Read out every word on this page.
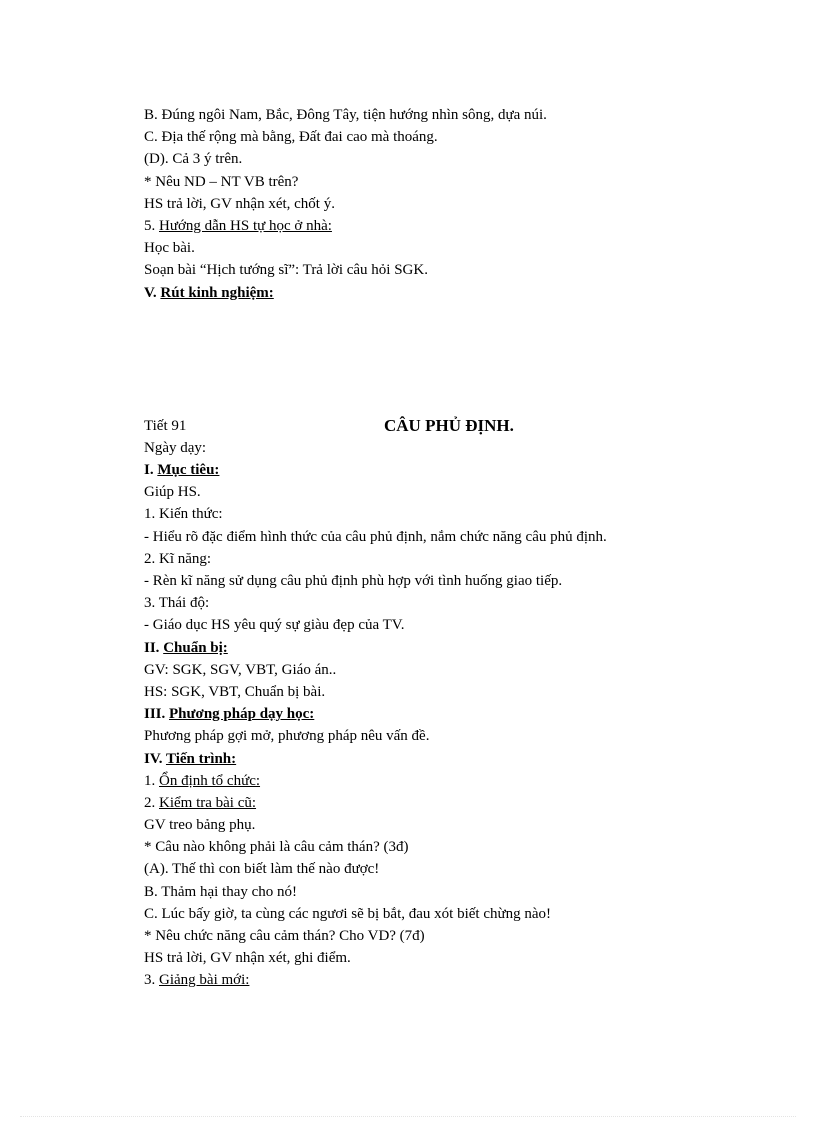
B. Đúng ngôi Nam, Bắc, Đông Tây, tiện hướng nhìn sông, dựa núi.
C. Địa thế rộng mà bằng, Đất đai cao mà thoáng.
(D). Cả 3 ý trên.
* Nêu ND – NT VB trên?
HS trả lời, GV nhận xét, chốt ý.
5. Hướng dẫn HS tự học ở nhà:
Học bài.
Soạn bài “Hịch tướng sĩ”: Trả lời câu hỏi SGK.
V. Rút kinh nghiệm:
Tiết 91	CÂU PHỦ ĐỊNH.
Ngày dạy:
I. Mục tiêu:
Giúp HS.
1. Kiến thức:
- Hiểu rõ đặc điểm hình thức của câu phủ định, nắm chức năng câu phủ định.
2. Kĩ năng:
- Rèn kĩ năng sử dụng câu phủ định phù hợp với tình huống giao tiếp.
3. Thái độ:
- Giáo dục HS yêu quý sự giàu đẹp của TV.
II. Chuẩn bị:
GV: SGK, SGV, VBT, Giáo án..
HS: SGK, VBT, Chuẩn bị bài.
III. Phương pháp dạy học:
Phương pháp gợi mở, phương pháp nêu vấn đề.
IV. Tiến trình:
1. Ổn định tổ chức:
2. Kiểm tra bài cũ:
GV treo bảng phụ.
* Câu nào không phải là câu cảm thán? (3đ)
(A). Thế thì con biết làm thế nào được!
B. Thảm hại thay cho nó!
C. Lúc bấy giờ, ta cùng các ngươi sẽ bị bắt, đau xót biết chừng nào!
* Nêu chức năng câu cảm thán? Cho VD? (7đ)
HS trả lời, GV nhận xét, ghi điểm.
3. Giảng bài mới:
